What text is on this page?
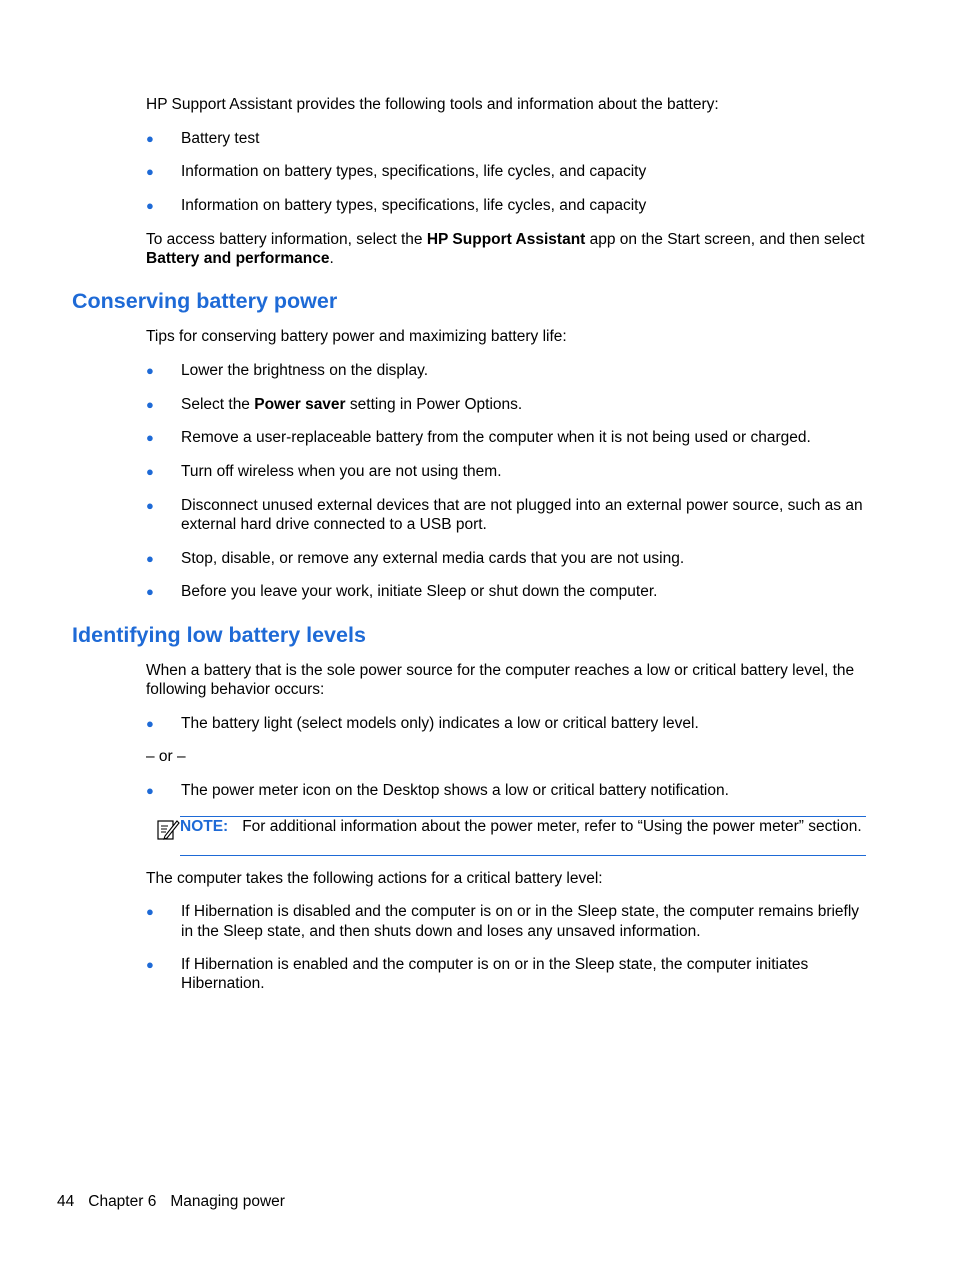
HP Support Assistant provides the following tools and information about the battery:

● Battery test
● Information on battery types, specifications, life cycles, and capacity
● Information on battery types, specifications, life cycles, and capacity

To access battery information, select the HP Support Assistant app on the Start screen, and then select Battery and performance.

Conserving battery power

Tips for conserving battery power and maximizing battery life:

● Lower the brightness on the display.
● Select the Power saver setting in Power Options.
● Remove a user-replaceable battery from the computer when it is not being used or charged.
● Turn off wireless when you are not using them.
● Disconnect unused external devices that are not plugged into an external power source, such as an external hard drive connected to a USB port.
● Stop, disable, or remove any external media cards that you are not using.
● Before you leave your work, initiate Sleep or shut down the computer.
Identifying low battery levels

When a battery that is the sole power source for the computer reaches a low or critical battery level, the following behavior occurs:

● The battery light (select models only) indicates a low or critical battery level.

– or –

● The power meter icon on the Desktop shows a low or critical battery notification.
NOTE: For additional information about the power meter, refer to “Using the power meter” section.

The computer takes the following actions for a critical battery level:

● If Hibernation is disabled and the computer is on or in the Sleep state, the computer remains briefly in the Sleep state, and then shuts down and loses any unsaved information.
● If Hibernation is enabled and the computer is on or in the Sleep state, the computer initiates Hibernation.
44 Chapter 6 Managing power
